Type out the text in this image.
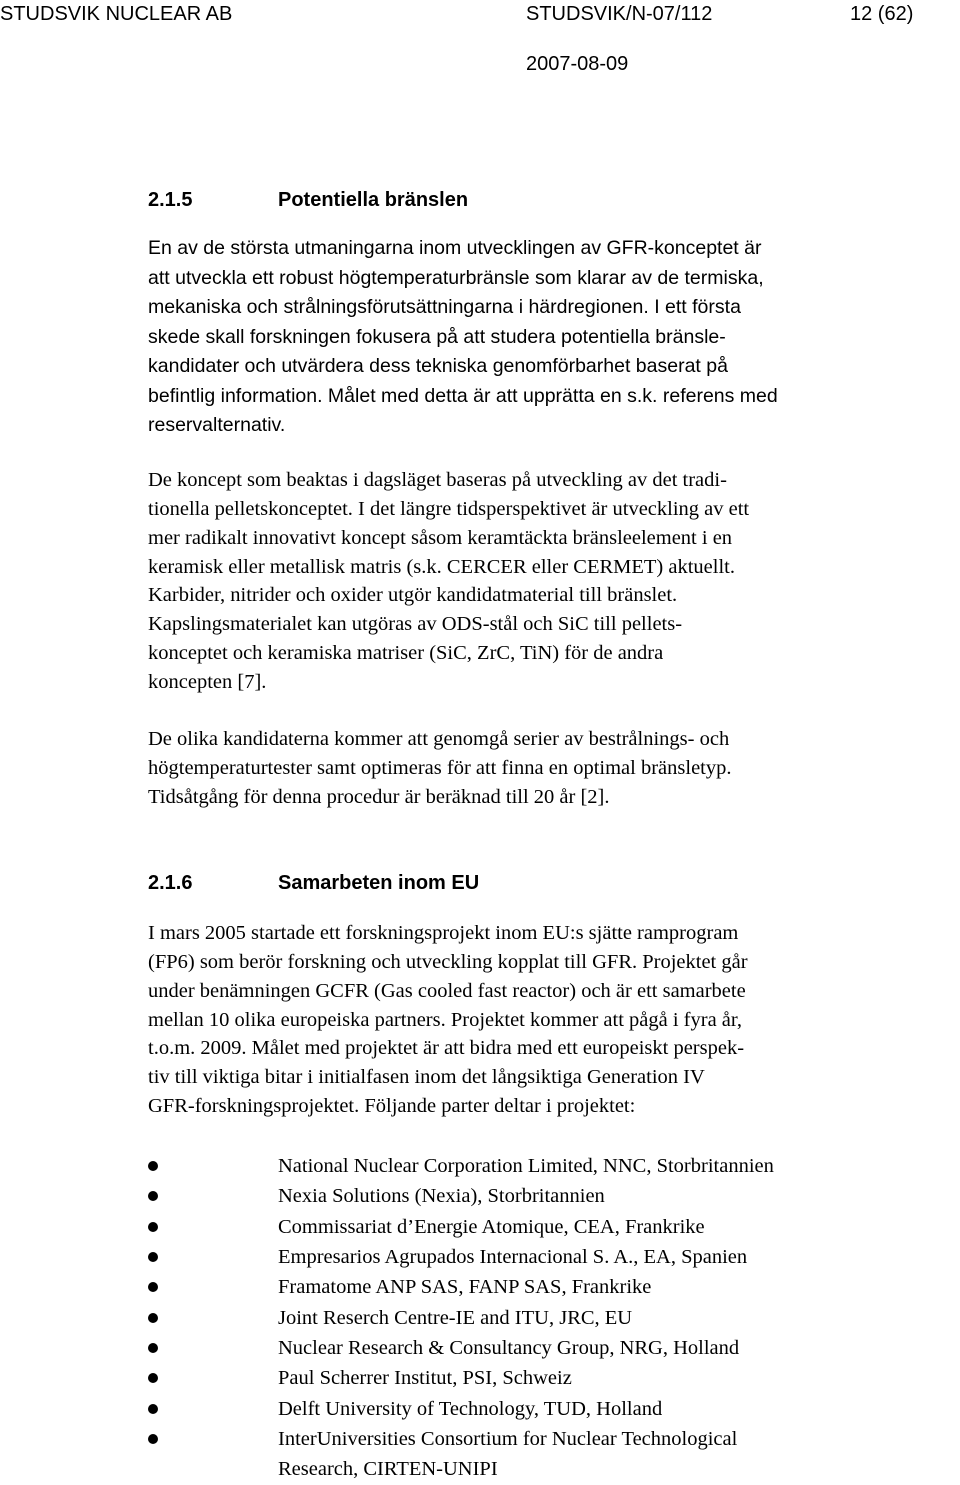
STUDSVIK NUCLEAR AB	STUDSVIK/N-07/112	12 (62)
2007-08-09
2.1.5	Potentiella bränslen
En av de största utmaningarna inom utvecklingen av GFR-konceptet är
att utveckla ett robust högtemperaturbränsle som klarar av de termiska,
mekaniska och strålningsförutsättningarna i härdregionen. I ett första
skede skall forskningen fokusera på att studera potentiella bränsle-
kandidater och utvärdera dess tekniska genomförbarhet baserat på
befintlig information. Målet med detta är att upprätta en s.k. referens med
reservalternativ.
De koncept som beaktas i dagsläget baseras på utveckling av det tradi-
tionella pelletskonceptet. I det längre tidsperspektivet är utveckling av ett
mer radikalt innovativt koncept såsom keramtäckta bränsleelement i en
keramisk eller metallisk matris (s.k. CERCER eller CERMET) aktuellt.
Karbider, nitrider och oxider utgör kandidatmaterial till bränslet.
Kapslingsmaterialet kan utgöras av ODS-stål och SiC till pellets-
konceptet och keramiska matriser (SiC, ZrC, TiN) för de andra
koncepten [7].
De olika kandidaterna kommer att genomgå serier av bestrålnings- och
högtemperaturtester samt optimeras för att finna en optimal bränsletyp.
Tidsåtgång för denna procedur är beräknad till 20 år [2].
2.1.6	Samarbeten inom EU
I mars 2005 startade ett forskningsprojekt inom EU:s sjätte ramprogram
(FP6) som berör forskning och utveckling kopplat till GFR. Projektet går
under benämningen GCFR (Gas cooled fast reactor) och är ett samarbete
mellan 10 olika europeiska partners. Projektet kommer att pågå i fyra år,
t.o.m. 2009. Målet med projektet är att bidra med ett europeiskt perspek-
tiv till viktiga bitar i initialfasen inom det långsiktiga Generation IV
GFR-forskningsprojektet. Följande parter deltar i projektet:
National Nuclear Corporation Limited, NNC, Storbritannien
Nexia Solutions (Nexia), Storbritannien
Commissariat d’Energie Atomique, CEA, Frankrike
Empresarios Agrupados Internacional S. A., EA, Spanien
Framatome ANP SAS, FANP SAS, Frankrike
Joint Reserch Centre-IE and ITU, JRC, EU
Nuclear Research & Consultancy Group, NRG, Holland
Paul Scherrer Institut, PSI, Schweiz
Delft University of Technology, TUD, Holland
InterUniversities Consortium for Nuclear Technological
Research, CIRTEN-UNIPI
